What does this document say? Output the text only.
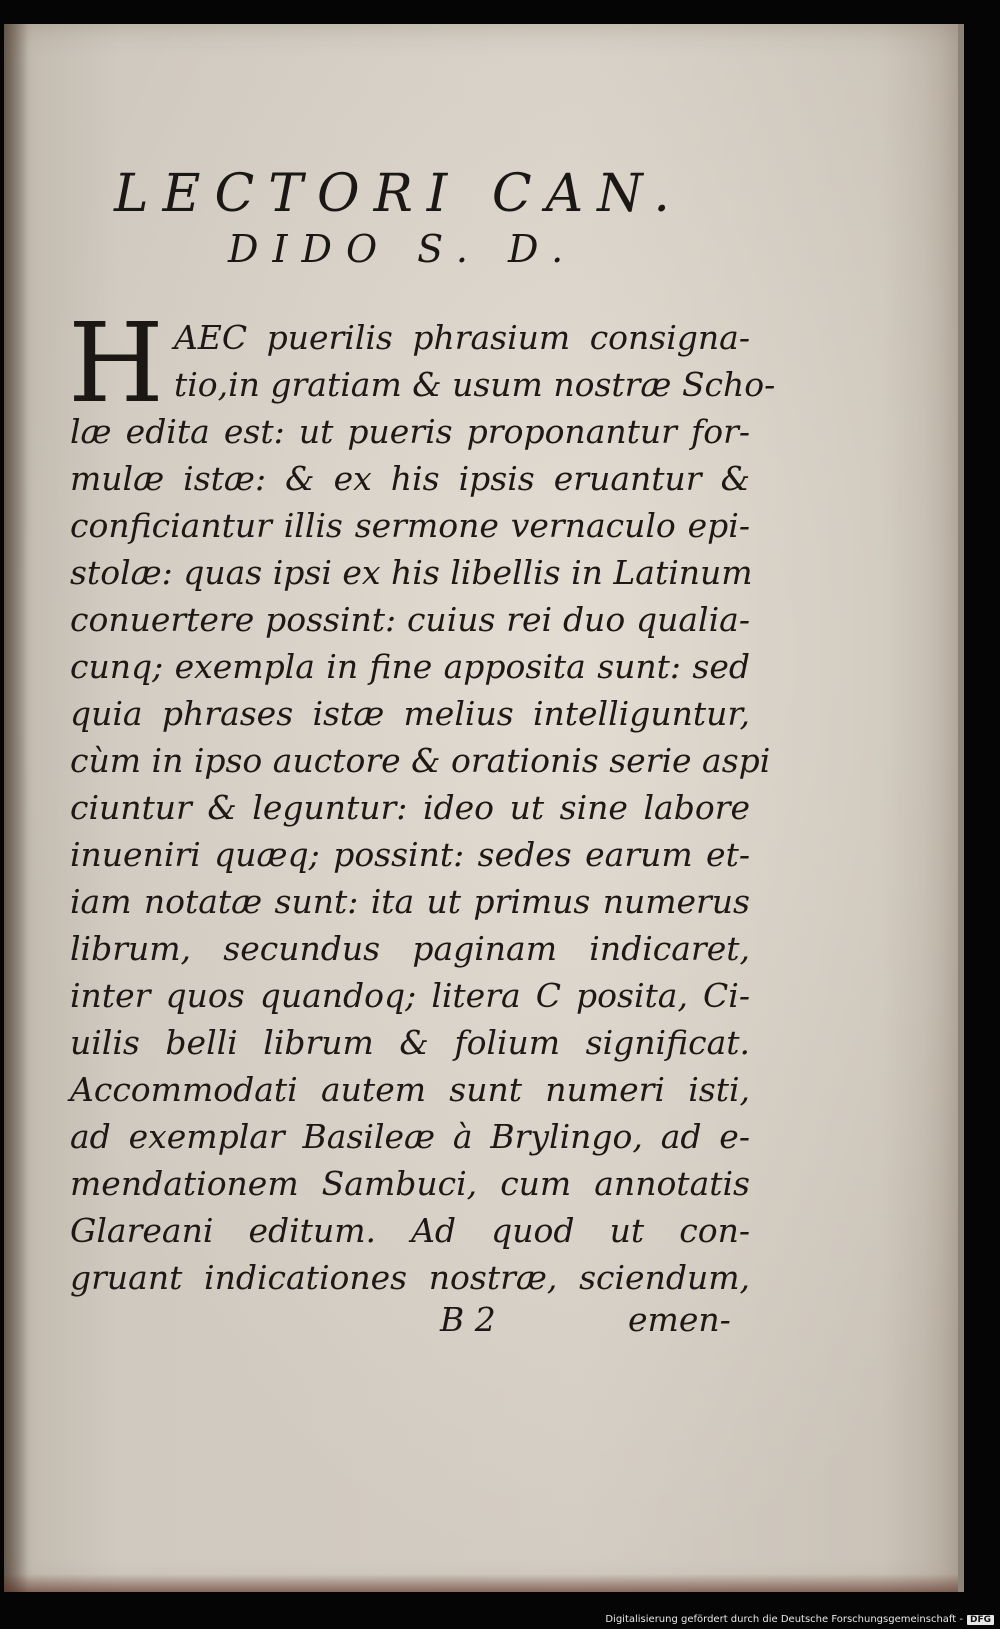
LECTORI CAN.
DIDO S. D.
H AEC puerilis phrasium consigna-
tio,in gratiam & usum nostræ Scho-
læ edita est: ut pueris proponantur for-
mulæ istæ: & ex his ipsis eruantur &
conficiantur illis sermone vernaculo epi-
stolæ: quas ipsi ex his libellis in Latinum
conuertere possint: cuius rei duo qualia-
cunq; exempla in fine apposita sunt: sed
quia phrases istæ melius intelliguntur,
cùm in ipso auctore & orationis serie aspi
ciuntur & leguntur: ideo ut sine labore
inueniri quæq; possint: sedes earum et-
iam notatæ sunt: ita ut primus numerus
librum, secundus paginam indicaret,
inter quos quandoq; litera C posita, Ci-
uilis belli librum & folium significat.
Accommodati autem sunt numeri isti,
ad exemplar Basileæ à Brylingo, ad e-
mendationem Sambuci, cum annotatis
Glareani editum. Ad quod ut con-
gruant indicationes nostræ, sciendum,
B 2	emen-
Digitalisierung gefördert durch die Deutsche Forschungsgemeinschaft - DFG
